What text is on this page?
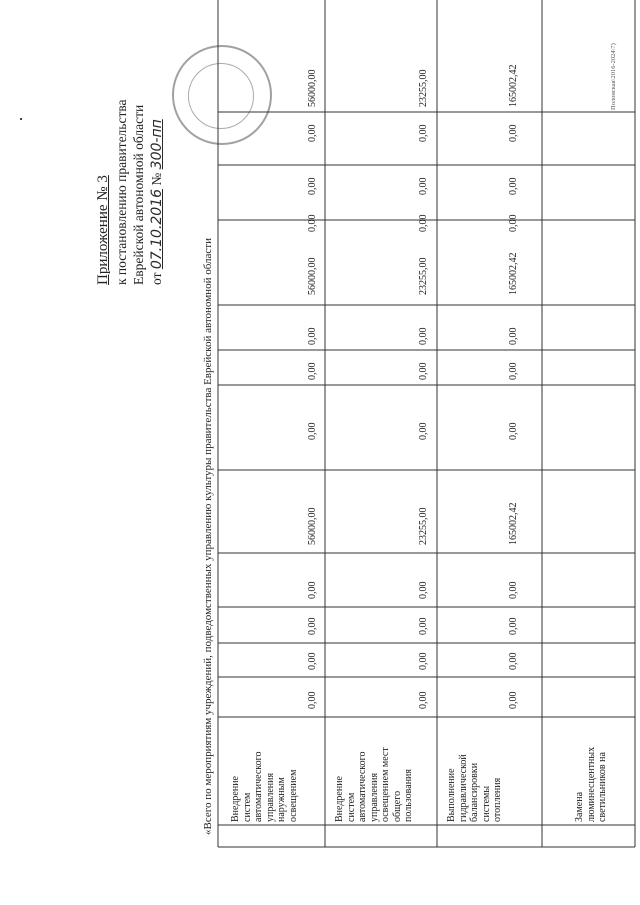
Приложение № 3 к постановлению правительства Еврейской автономной области от 07.10.2016 № 300-пп
«Всего по мероприятиям учреждений, подведомственных управлению культуры правительства Еврейской автономной области Внедрение
систем
автоматического
управления
наружным
освещением
0,00
0,00
0,00
0,00
56000,00
0,00
0,00
0,00
56000,00
0,00
0,00
0,00
56000,00
Внедрение
систем
автоматического
управления
освещением мест
общего
пользования
0,00
0,00
0,00
0,00
23255,00
0,00
0,00
0,00
23255,00
0,00
0,00
0,00
23255,00
Выполнение
гидравлической
балансировки
системы
отопления
0,00
0,00
0,00
0,00
165002,42
0,00
0,00
0,00
165002,42
0,00
0,00
0,00
165002,42
Замена
люминесцентных
светильников на
Полонская\2016-2024\7)
